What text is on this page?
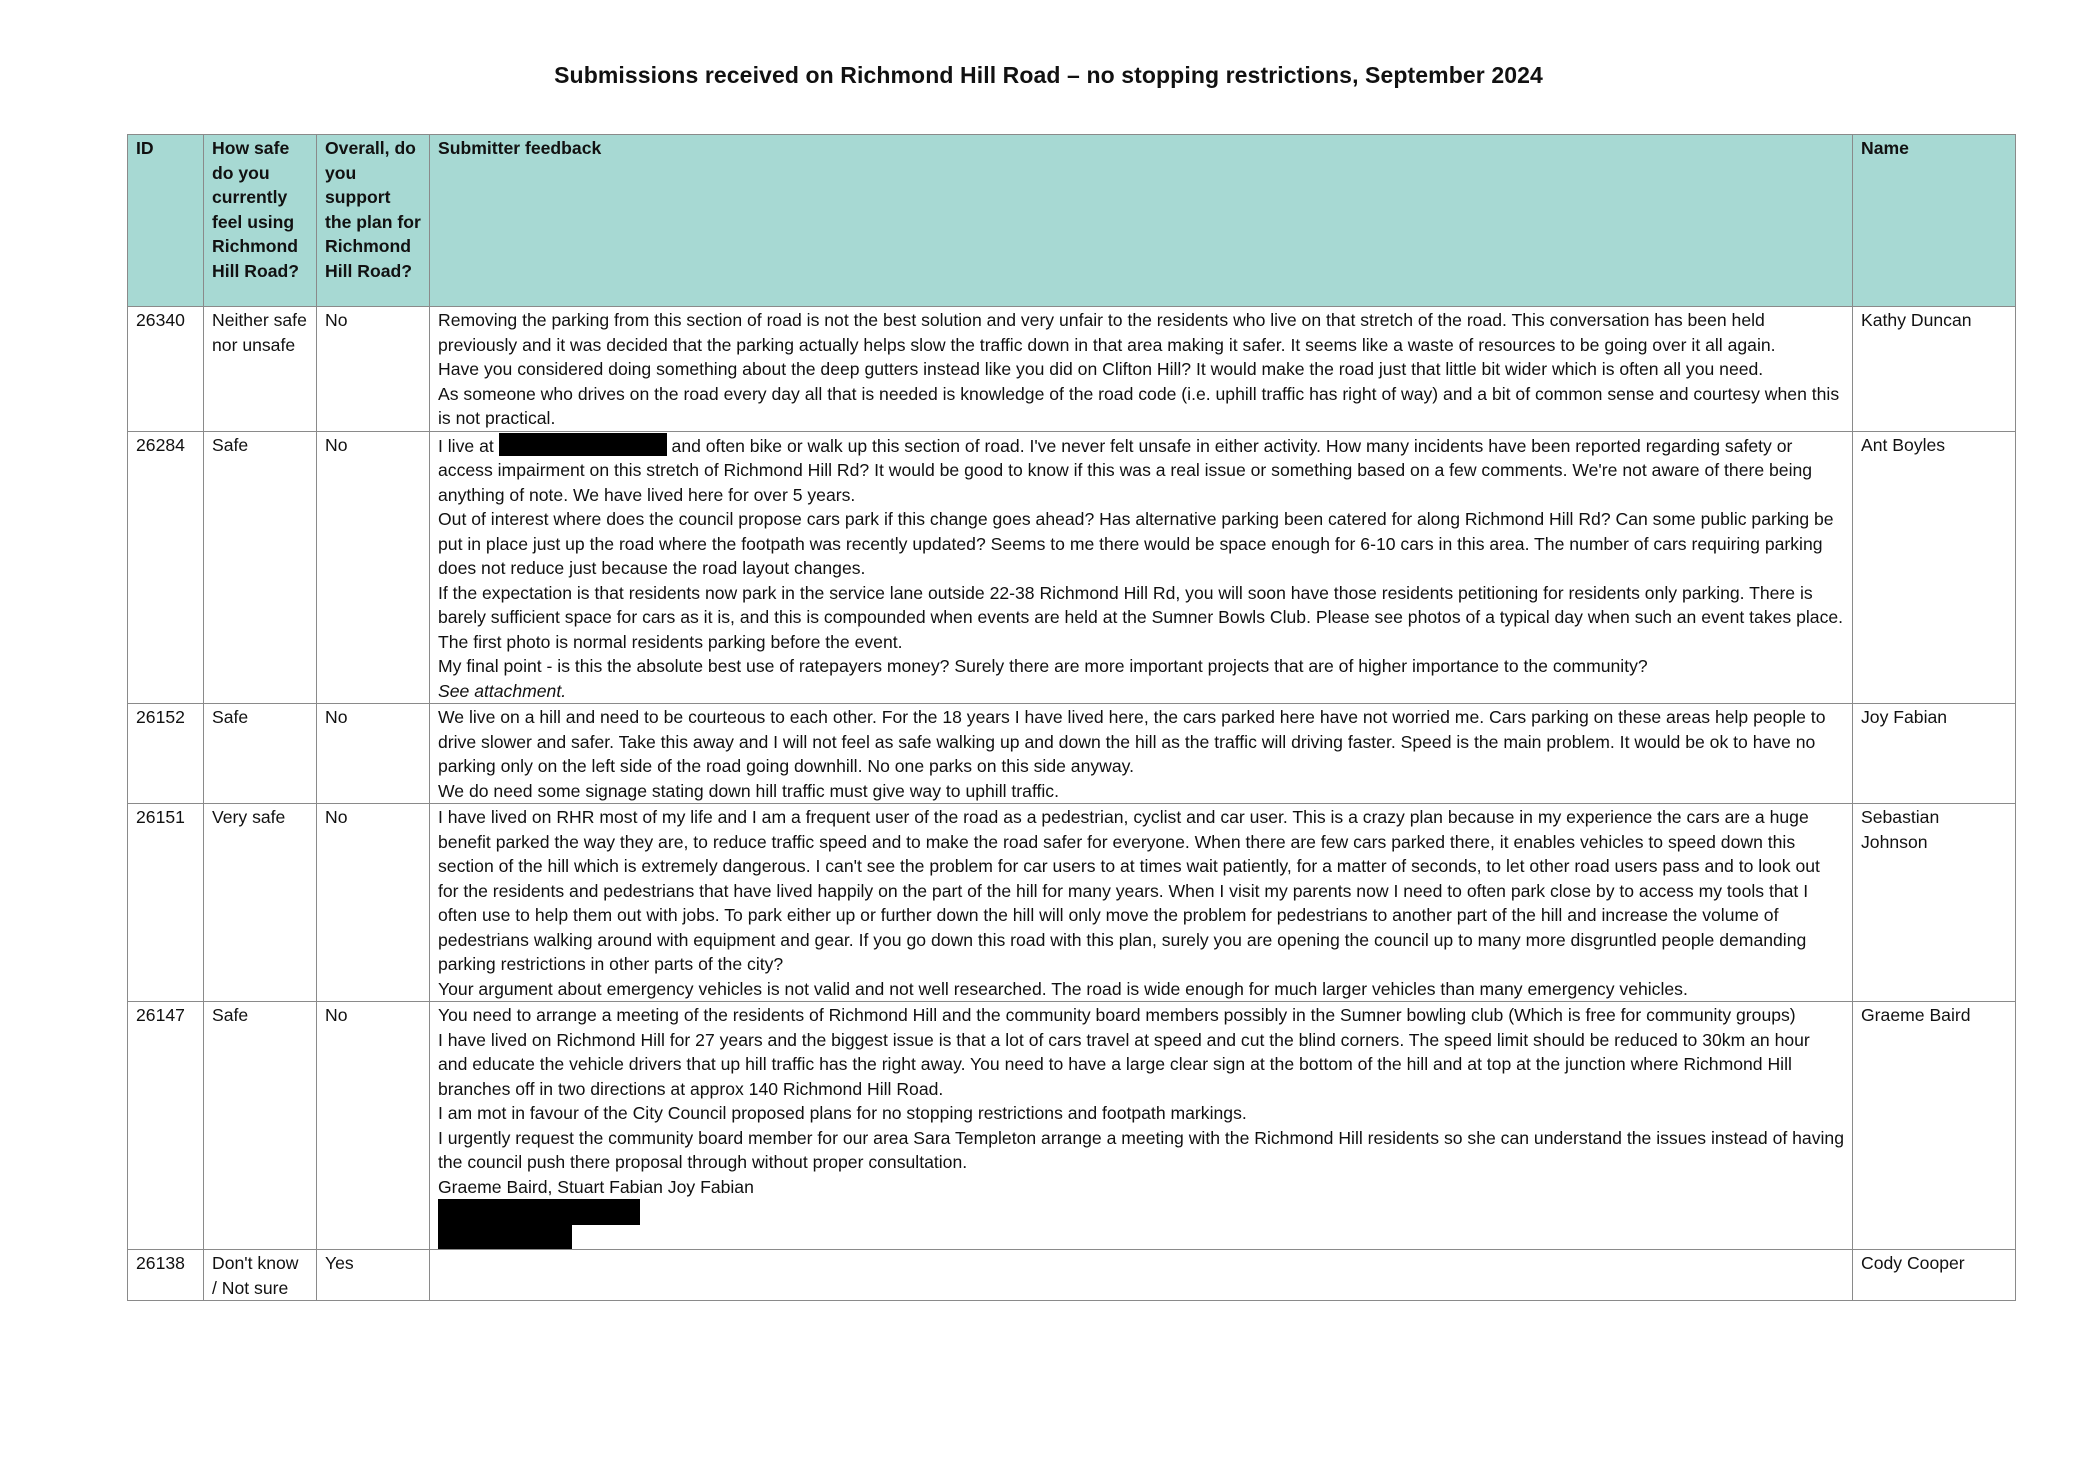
Submissions received on Richmond Hill Road – no stopping restrictions, September 2024
ID	How safe do you currently feel using Richmond Hill Road?	Overall, do you support the plan for Richmond Hill Road?	Submitter feedback	Name
26340	Neither safe nor unsafe	No	Removing the parking from this section of road is not the best solution and very unfair to the residents who live on that stretch of the road. This conversation has been held previously and it was decided that the parking actually helps slow the traffic down in that area making it safer. It seems like a waste of resources to be going over it all again.
Have you considered doing something about the deep gutters instead like you did on Clifton Hill? It would make the road just that little bit wider which is often all you need.
As someone who drives on the road every day all that is needed is knowledge of the road code (i.e. uphill traffic has right of way) and a bit of common sense and courtesy when this is not practical.	Kathy Duncan
26284	Safe	No	I live at and often bike or walk up this section of road. I've never felt unsafe in either activity. How many incidents have been reported regarding safety or access impairment on this stretch of Richmond Hill Rd? It would be good to know if this was a real issue or something based on a few comments. We're not aware of there being anything of note. We have lived here for over 5 years.
Out of interest where does the council propose cars park if this change goes ahead? Has alternative parking been catered for along Richmond Hill Rd? Can some public parking be put in place just up the road where the footpath was recently updated? Seems to me there would be space enough for 6-10 cars in this area. The number of cars requiring parking does not reduce just because the road layout changes.
If the expectation is that residents now park in the service lane outside 22-38 Richmond Hill Rd, you will soon have those residents petitioning for residents only parking. There is barely sufficient space for cars as it is, and this is compounded when events are held at the Sumner Bowls Club. Please see photos of a typical day when such an event takes place. The first photo is normal residents parking before the event.
My final point - is this the absolute best use of ratepayers money? Surely there are more important projects that are of higher importance to the community?
See attachment.	Ant Boyles
26152	Safe	No	We live on a hill and need to be courteous to each other. For the 18 years I have lived here, the cars parked here have not worried me. Cars parking on these areas help people to drive slower and safer. Take this away and I will not feel as safe walking up and down the hill as the traffic will driving faster. Speed is the main problem. It would be ok to have no parking only on the left side of the road going downhill. No one parks on this side anyway.
We do need some signage stating down hill traffic must give way to uphill traffic.	Joy Fabian
26151	Very safe	No	I have lived on RHR most of my life and I am a frequent user of the road as a pedestrian, cyclist and car user. This is a crazy plan because in my experience the cars are a huge benefit parked the way they are, to reduce traffic speed and to make the road safer for everyone. When there are few cars parked there, it enables vehicles to speed down this section of the hill which is extremely dangerous. I can't see the problem for car users to at times wait patiently, for a matter of seconds, to let other road users pass and to look out for the residents and pedestrians that have lived happily on the part of the hill for many years. When I visit my parents now I need to often park close by to access my tools that I often use to help them out with jobs. To park either up or further down the hill will only move the problem for pedestrians to another part of the hill and increase the volume of pedestrians walking around with equipment and gear. If you go down this road with this plan, surely you are opening the council up to many more disgruntled people demanding parking restrictions in other parts of the city?
Your argument about emergency vehicles is not valid and not well researched. The road is wide enough for much larger vehicles than many emergency vehicles.	Sebastian Johnson
26147	Safe	No	You need to arrange a meeting of the residents of Richmond Hill and the community board members possibly in the Sumner bowling club (Which is free for community groups)
I have lived on Richmond Hill for 27 years and the biggest issue is that a lot of cars travel at speed and cut the blind corners. The speed limit should be reduced to 30km an hour and educate the vehicle drivers that up hill traffic has the right away. You need to have a large clear sign at the bottom of the hill and at top at the junction where Richmond Hill branches off in two directions at approx 140 Richmond Hill Road.
I am mot in favour of the City Council proposed plans for no stopping restrictions and footpath markings.
I urgently request the community board member for our area Sara Templeton arrange a meeting with the Richmond Hill residents so she can understand the issues instead of having the council push there proposal through without proper consultation.
Graeme Baird, Stuart Fabian Joy Fabian	Graeme Baird
26138	Don't know / Not sure	Yes		Cody Cooper
